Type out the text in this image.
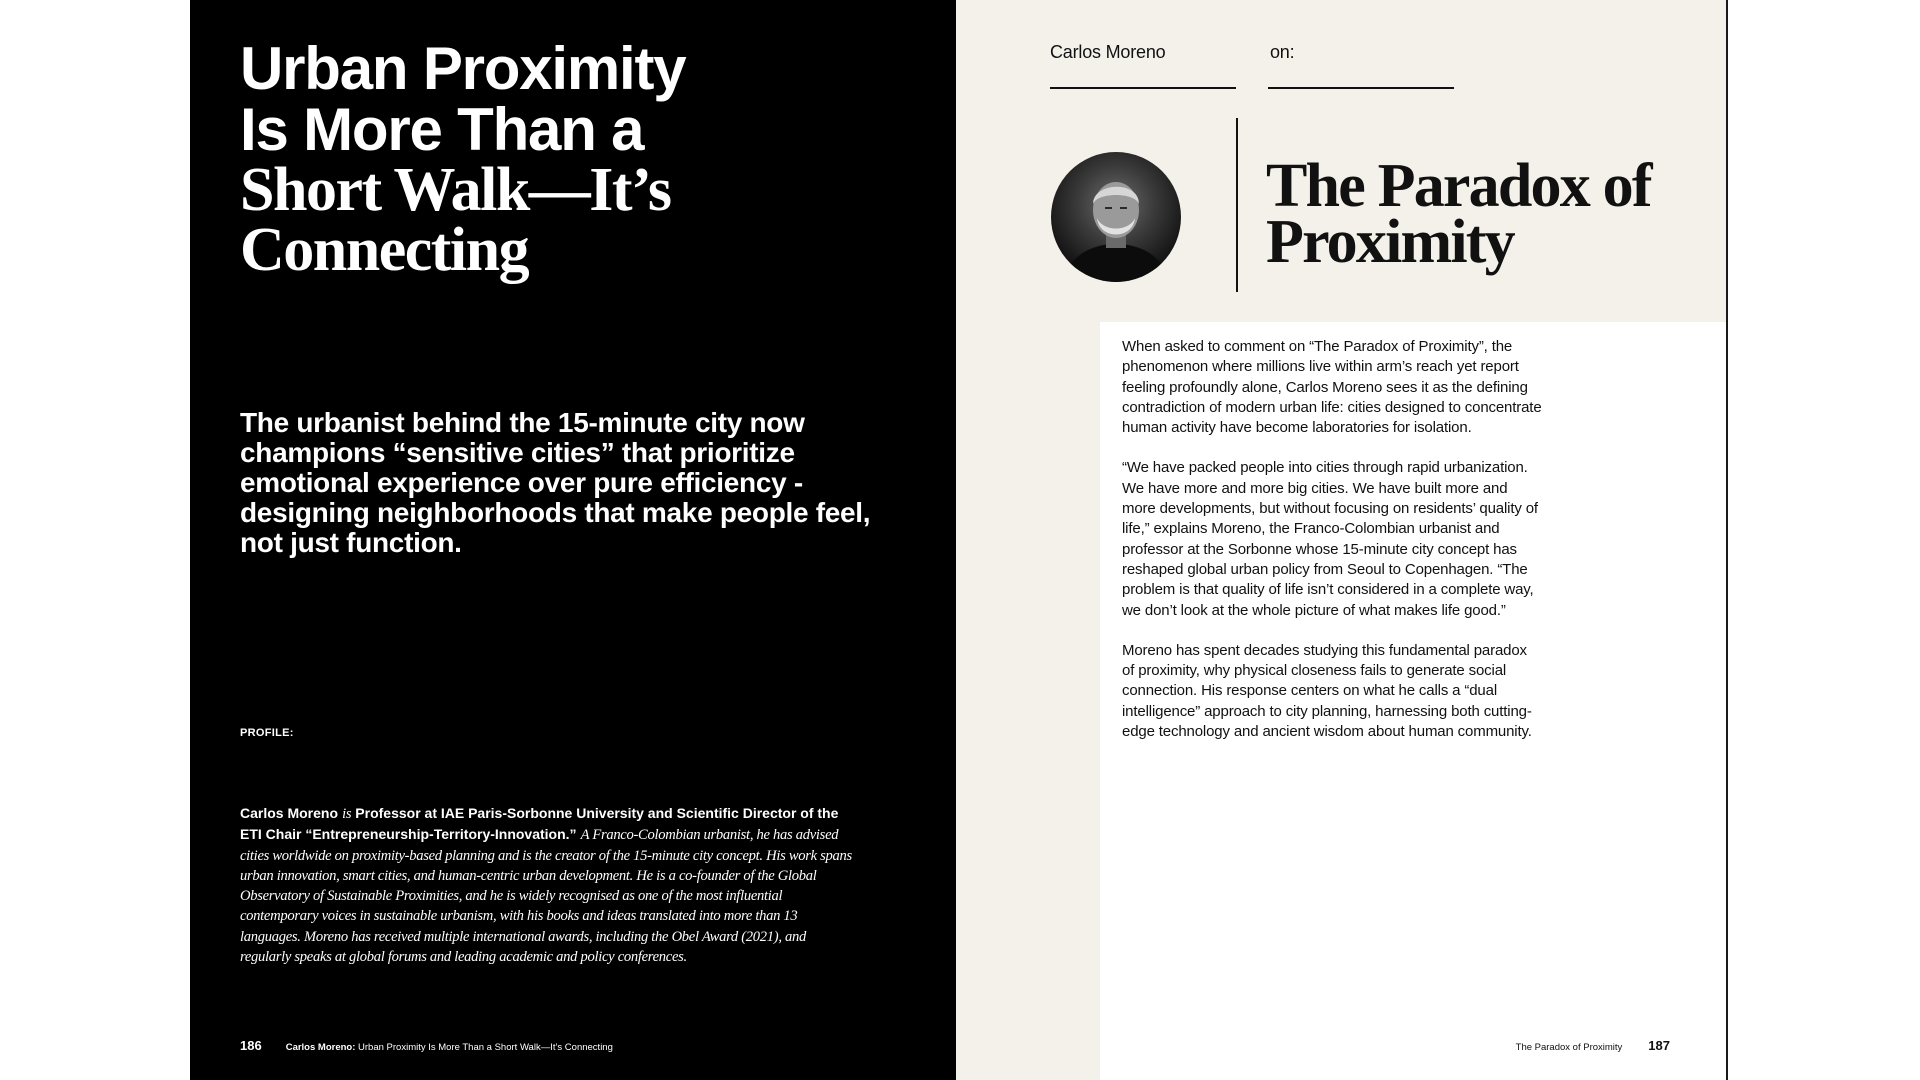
Urban Proximity
Is More Than a
Short Walk—It’s
Connecting

The urbanist behind the 15-minute city now champions “sensitive cities” that prioritize emotional experience over pure efficiency - designing neighborhoods that make people feel, not just function.

PROFILE:

Carlos Moreno is Professor at IAE Paris-Sorbonne University and Scientific Director of the ETI Chair “Entrepreneurship-Territory-Innovation.” A Franco-Colombian urbanist, he has advised cities worldwide on proximity-based planning and is the creator of the 15-minute city concept. His work spans urban innovation, smart cities, and human-centric urban development. He is a co-founder of the Global Observatory of Sustainable Proximities, and he is widely recognised as one of the most influential contemporary voices in sustainable urbanism, with his books and ideas translated into more than 13 languages. Moreno has received multiple international awards, including the Obel Award (2021), and regularly speaks at global forums and leading academic and policy conferences.

186	Carlos Moreno: Urban Proximity Is More Than a Short Walk—It’s Connecting
Carlos Moreno	on:
The Paradox of Proximity

When asked to comment on “The Paradox of Proximity”, the phenomenon where millions live within arm’s reach yet report feeling profoundly alone, Carlos Moreno sees it as the defining contradiction of modern urban life: cities designed to concentrate human activity have become laboratories for isolation.

“We have packed people into cities through rapid urbanization. We have more and more big cities. We have built more and more developments, but without focusing on residents’ quality of life,” explains Moreno, the Franco-Colombian urbanist and professor at the Sorbonne whose 15-minute city concept has reshaped global urban policy from Seoul to Copenhagen. “The problem is that quality of life isn’t considered in a complete way, we don’t look at the whole picture of what makes life good.”

Moreno has spent decades studying this fundamental paradox of proximity, why physical closeness fails to generate social connection. His response centers on what he calls a “dual intelligence” approach to city planning, harnessing both cutting-edge technology and ancient wisdom about human community.

The Paradox of Proximity 187
